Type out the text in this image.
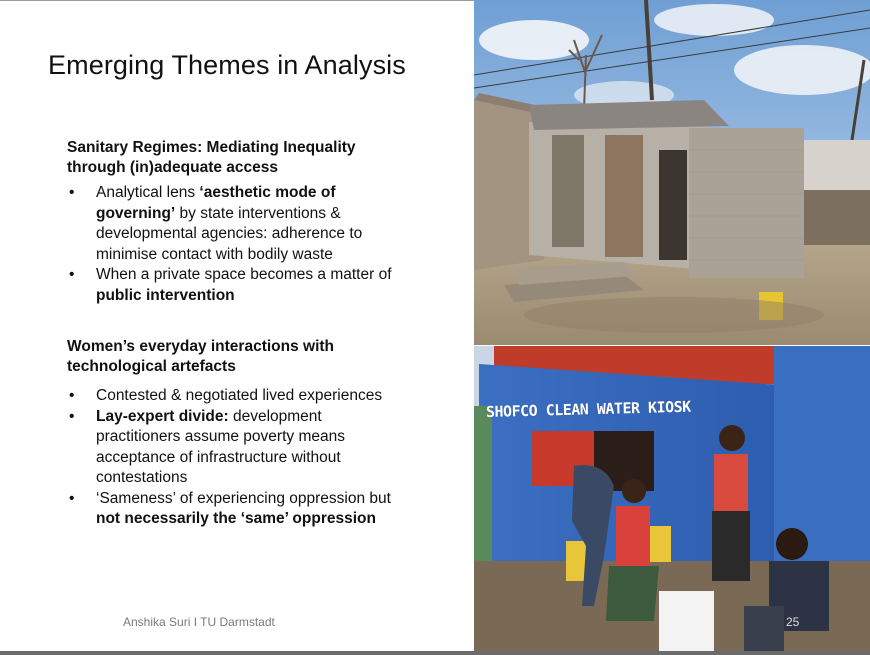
Emerging Themes in Analysis
Sanitary Regimes: Mediating Inequality through (in)adequate access
• Analytical lens ‘aesthetic mode of governing’ by state interventions & developmental agencies: adherence to minimise contact with bodily waste
• When a private space becomes a matter of public intervention
Women’s everyday interactions with technological artefacts
• Contested & negotiated lived experiences
• Lay-expert divide: development practitioners assume poverty means acceptance of infrastructure without contestations
• ‘Sameness’ of experiencing oppression but not necessarily the ‘same’ oppression
Anshika Suri I TU Darmstadt
SHOFCO CLEAN WATER KIOSK
25
